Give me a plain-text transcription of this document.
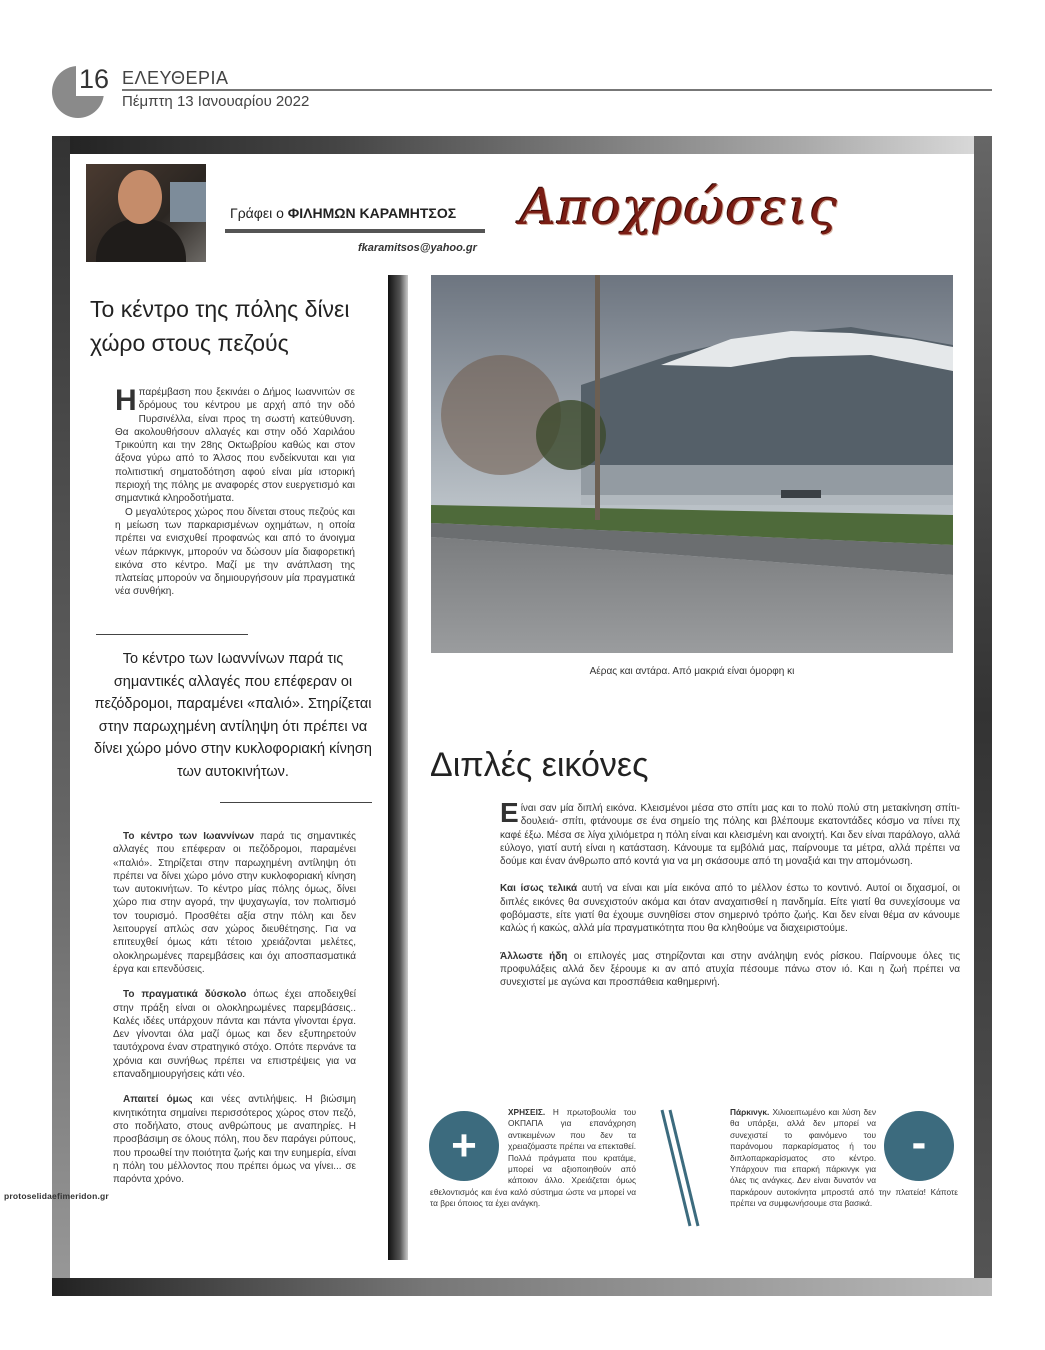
16 ΕΛΕΥΘΕΡΙΑ
Πέμπτη 13 Ιανουαρίου 2022
Γράφει ο ΦΙΛΗΜΩΝ ΚΑΡΑΜΗΤΣΟΣ
fkaramitsos@yahoo.gr
Αποχρώσεις
Το κέντρο της πόλης δίνει χώρο στους πεζούς
Η παρέμβαση που ξεκινάει ο Δήμος Ιωαννιτών σε δρόμους του κέντρου με αρχή από την οδό Πυρσινέλλα, είναι προς τη σωστή κατεύθυνση. Θα ακολουθήσουν αλλαγές και στην οδό Χαριλάου Τρικούπη και την 28ης Οκτωβρίου καθώς και στον άξονα γύρω από το Άλσος που ενδείκνυται και για πολιτιστική σηματοδότηση αφού είναι μία ιστορική περιοχή της πόλης με αναφορές στον ευεργετισμό και σημαντικά κληροδοτήματα.
Ο μεγαλύτερος χώρος που δίνεται στους πεζούς και η μείωση των παρκαρισμένων οχημάτων, η οποία πρέπει να ενισχυθεί προφανώς και από το άνοιγμα νέων πάρκινγκ, μπορούν να δώσουν μία διαφορετική εικόνα στο κέντρο. Μαζί με την ανάπλαση της πλατείας μπορούν να δημιουργήσουν μία πραγματικά νέα συνθήκη.
Το κέντρο των Ιωαννίνων παρά τις σημαντικές αλλαγές που επέφεραν οι πεζόδρομοι, παραμένει «παλιό». Στηρίζεται στην παρωχημένη αντίληψη ότι πρέπει να δίνει χώρο μόνο στην κυκλοφοριακή κίνηση των αυτοκινήτων.

Το κέντρο των Ιωαννίνων παρά τις σημαντικές αλλαγές που επέφεραν οι πεζόδρομοι, παραμένει «παλιό». Στηρίζεται στην παρωχημένη αντίληψη ότι πρέπει να δίνει χώρο μόνο στην κυκλοφοριακή κίνηση των αυτοκινήτων. Το κέντρο μίας πόλης όμως, δίνει χώρο πια στην αγορά, την ψυχαγωγία, τον πολιτισμό τον τουρισμό. Προσθέτει αξία στην πόλη και δεν λειτουργεί απλώς σαν χώρος διευθέτησης. Για να επιτευχθεί όμως κάτι τέτοιο χρειάζονται μελέτες, ολοκληρωμένες παρεμβάσεις και όχι αποσπασματικά έργα και επενδύσεις.

Το πραγματικά δύσκολο όπως έχει αποδειχθεί στην πράξη είναι οι ολοκληρωμένες παρεμβάσεις.. Καλές ιδέες υπάρχουν πάντα και πάντα γίνονται έργα. Δεν γίνονται όλα μαζί όμως και δεν εξυπηρετούν ταυτόχρονα έναν στρατηγικό στόχο. Οπότε περνάνε τα χρόνια και συνήθως πρέπει να επιστρέψεις για να επαναδημιουργήσεις κάτι νέο.

Απαιτεί όμως και νέες αντιλήψεις. Η βιώσιμη κινητικότητα σημαίνει περισσότερος χώρος στον πεζό, στο ποδήλατο, στους ανθρώπους με αναπηρίες. Η προσβάσιμη σε όλους πόλη, που δεν παράγει ρύπους, που προωθεί την ποιότητα ζωής και την ευημερία, είναι η πόλη του μέλλοντος που πρέπει όμως να γίνει... σε παρόντα χρόνο.

Αέρας και αντάρα. Από μακριά είναι όμορφη κι
Διπλές εικόνες

Είναι σαν μία διπλή εικόνα. Κλεισμένοι μέσα στο σπίτι μας και το πολύ πολύ στη μετακίνηση σπίτι-δουλειά- σπίτι, φτάνουμε σε ένα σημείο της πόλης και βλέπουμε εκατοντάδες κόσμο να πίνει πχ καφέ έξω. Μέσα σε λίγα χιλιόμετρα η πόλη είναι και κλεισμένη και ανοιχτή. Και δεν είναι παράλογο, αλλά εύλογο, γιατί αυτή είναι η κατάσταση. Κάνουμε τα εμβόλιά μας, παίρνουμε τα μέτρα, αλλά πρέπει να δούμε και έναν άνθρωπο από κοντά για να μη σκάσουμε από τη μοναξιά και την απομόνωση.

Και ίσως τελικά αυτή να είναι και μία εικόνα από το μέλλον έστω το κοντινό. Αυτοί οι διχασμοί, οι διπλές εικόνες θα συνεχιστούν ακόμα και όταν αναχαιτισθεί η πανδημία. Είτε γιατί θα συνεχίσουμε να φοβόμαστε, είτε γιατί θα έχουμε συνηθίσει στον σημερινό τρόπο ζωής. Και δεν είναι θέμα αν κάνουμε καλώς ή κακώς, αλλά μία πραγματικότητα που θα κληθούμε να διαχειριστούμε.

Άλλωστε ήδη οι επιλογές μας στηρίζονται και στην ανάληψη ενός ρίσκου. Παίρνουμε όλες τις προφυλάξεις αλλά δεν ξέρουμε κι αν από ατυχία πέσουμε πάνω στον ιό. Και η ζωή πρέπει να συνεχιστεί με αγώνα και προσπάθεια καθημερινή.

ΧΡΗΣΕΙΣ. Η πρωτοβουλία του ΟΚΠΑΠΑ για επανάχρηση αντικειμένων που δεν τα χρειαζόμαστε πρέπει να επεκταθεί. Πολλά πράγματα που κρατάμε, μπορεί να αξιοποιηθούν από κάποιον άλλο. Χρειάζεται όμως εθελοντισμός και ένα καλό σύστημα ώστε να μπορεί να τα βρει όποιος τα έχει ανάγκη.
+
Πάρκινγκ. Χιλιοειπωμένο και λύση δεν θα υπάρξει, αλλά δεν μπορεί να συνεχιστεί το φαινόμενο του παράνομου παρκαρίσματος ή του διπλοπαρκαρίσματος στο κέντρο. Υπάρχουν πια επαρκή πάρκινγκ για όλες τις ανάγκες. Δεν είναι δυνατόν να παρκάρουν αυτοκίνητα μπροστά από την πλατεία! Κάποτε πρέπει να συμφωνήσουμε στα βασικά.
-
protoselidaefimeridon.gr
